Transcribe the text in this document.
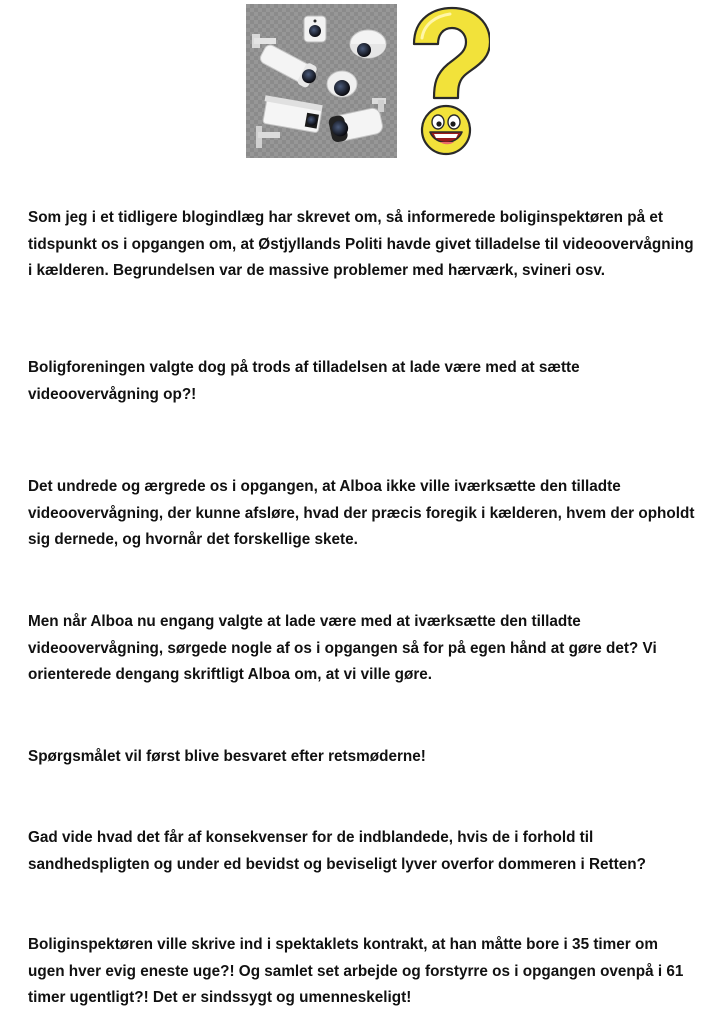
Som jeg i et tidligere blogindlæg har skrevet om, så informerede boliginspektøren på et
tidspunkt os i opgangen om, at Østjyllands Politi havde givet tilladelse til videoovervågning
i kælderen. Begrundelsen var de massive problemer med hærværk, svineri osv.
Boligforeningen valgte dog på trods af tilladelsen at lade være med at sætte
videoovervågning op?!
Det undrede og ærgrede os i opgangen, at Alboa ikke ville iværksætte den tilladte
videoovervågning, der kunne afsløre, hvad der præcis foregik i kælderen, hvem der opholdt
sig dernede, og hvornår det forskellige skete.
Men når Alboa nu engang valgte at lade være med at iværksætte den tilladte
videoovervågning, sørgede nogle af os i opgangen så for på egen hånd at gøre det? Vi
orienterede dengang skriftligt Alboa om, at vi ville gøre.
Spørgsmålet vil først blive besvaret efter retsmøderne!
Gad vide hvad det får af konsekvenser for de indblandede, hvis de i forhold til
sandhedspligten og under ed bevidst og beviseligt lyver overfor dommeren i Retten?
Boliginspektøren ville skrive ind i spektaklets kontrakt, at han måtte bore i 35 timer om
ugen hver evig eneste uge?! Og samlet set arbejde og forstyrre os i opgangen ovenpå i 61
timer ugentligt?! Det er sindssygt og umenneskeligt!
